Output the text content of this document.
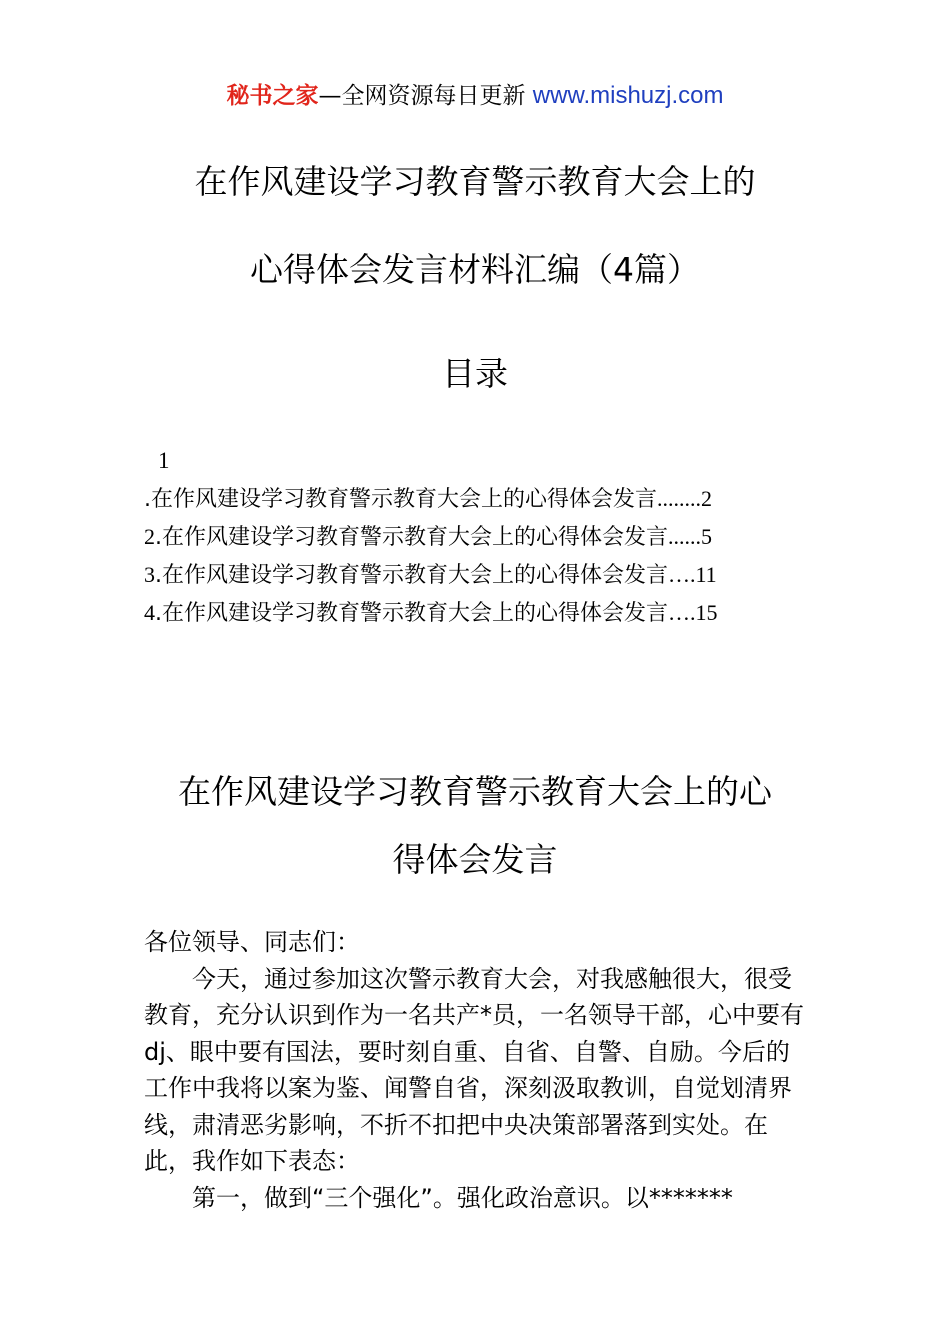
秘书之家—全网资源每日更新 www.mishuzj.com
在作风建设学习教育警示教育大会上的
心得体会发言材料汇编（4篇）
目录
1
.在作风建设学习教育警示教育大会上的心得体会发言........2
2.在作风建设学习教育警示教育大会上的心得体会发言......5
3.在作风建设学习教育警示教育大会上的心得体会发言….11
4.在作风建设学习教育警示教育大会上的心得体会发言….15
在作风建设学习教育警示教育大会上的心
得体会发言

各位领导、同志们：

今天，通过参加这次警示教育大会，对我感触很大，很受教育，充分认识到作为一名共产*员，一名领导干部，心中要有 dj、眼中要有国法，要时刻自重、自省、自警、自励。今后的工作中我将以案为鉴、闻警自省，深刻汲取教训，自觉划清界线，肃清恶劣影响，不折不扣把中央决策部署落到实处。在此，我作如下表态：

第一，做到“三个强化”。强化政治意识。以*******
